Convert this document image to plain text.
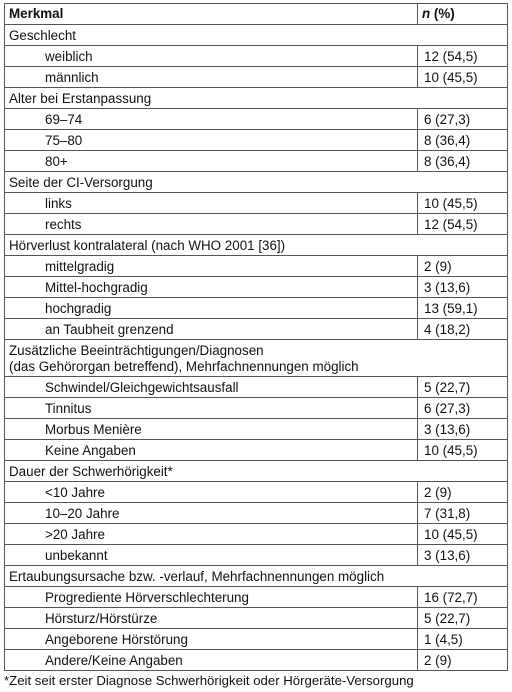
Merkmal	n (%)
Geschlecht	
weiblich	12 (54,5)
männlich	10 (45,5)
Alter bei Erstanpassung	
69–74	6 (27,3)
75–80	8 (36,4)
80+	8 (36,4)
Seite der CI-Versorgung	
links	10 (45,5)
rechts	12 (54,5)
Hörverlust kontralateral (nach WHO 2001 [36])	
mittelgradig	2 (9)
Mittel-hochgradig	3 (13,6)
hochgradig	13 (59,1)
an Taubheit grenzend	4 (18,2)

Zusätzliche Beeinträchtigungen/Diagnosen
(das Gehörorgan betreffend), Mehrfachnennungen möglich	

Schwindel/Gleichgewichtsausfall	5 (22,7)
Tinnitus	6 (27,3)
Morbus Menière	3 (13,6)
Keine Angaben	10 (45,5)
Dauer der Schwerhörigkeit*	
<10 Jahre	2 (9)
10–20 Jahre	7 (31,8)
>20 Jahre	10 (45,5)
unbekannt	3 (13,6)
Ertaubungsursache bzw. -verlauf, Mehrfachnennungen möglich	
Progrediente Hörverschlechterung	16 (72,7)
Hörsturz/Hörstürze	5 (22,7)
Angeborene Hörstörung	1 (4,5)
Andere/Keine Angaben	2 (9)
*Zeit seit erster Diagnose Schwerhörigkeit oder Hörgeräte-Versorgung
